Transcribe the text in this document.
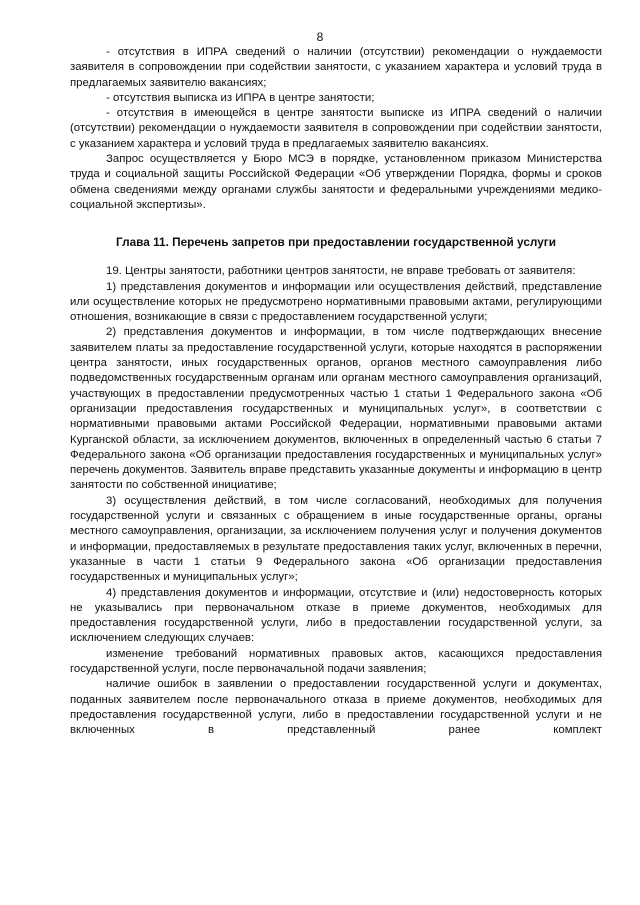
8

- отсутствия в ИПРА сведений о наличии (отсутствии) рекомендации о нуждаемости заявителя в сопровождении при содействии занятости, с указанием характера и условий труда в предлагаемых заявителю вакансиях;

- отсутствия выписка из ИПРА в центре занятости;

- отсутствия в имеющейся в центре занятости выписке из ИПРА сведений о наличии (отсутствии) рекомендации о нуждаемости заявителя в сопровождении при содействии занятости, с указанием характера и условий труда в предлагаемых заявителю вакансиях.

Запрос осуществляется у Бюро МСЭ в порядке, установленном приказом Министерства труда и социальной защиты Российской Федерации «Об утверждении Порядка, формы и сроков обмена сведениями между органами службы занятости и федеральными учреждениями медико-социальной экспертизы».

Глава 11. Перечень запретов при предоставлении государственной услуги

19. Центры занятости, работники центров занятости, не вправе требовать от заявителя:

1) представления документов и информации или осуществления действий, представление или осуществление которых не предусмотрено нормативными правовыми актами, регулирующими отношения, возникающие в связи с предоставлением государственной услуги;

2) представления документов и информации, в том числе подтверждающих внесение заявителем платы за предоставление государственной услуги, которые находятся в распоряжении центра занятости, иных государственных органов, органов местного самоуправления либо подведомственных государственным органам или органам местного самоуправления организаций, участвующих в предоставлении предусмотренных частью 1 статьи 1 Федерального закона «Об организации предоставления государственных и муниципальных услуг», в соответствии с нормативными правовыми актами Российской Федерации, нормативными правовыми актами Курганской области, за исключением документов, включенных в определенный частью 6 статьи 7 Федерального закона «Об организации предоставления государственных и муниципальных услуг» перечень документов. Заявитель вправе представить указанные документы и информацию в центр занятости по собственной инициативе;

3) осуществления действий, в том числе согласований, необходимых для получения государственной услуги и связанных с обращением в иные государственные органы, органы местного самоуправления, организации, за исключением получения услуг и получения документов и информации, предоставляемых в результате предоставления таких услуг, включенных в перечни, указанные в части 1 статьи 9 Федерального закона «Об организации предоставления государственных и муниципальных услуг»;

4) представления документов и информации, отсутствие и (или) недостоверность которых не указывались при первоначальном отказе в приеме документов, необходимых для предоставления государственной услуги, либо в предоставлении государственной услуги, за исключением следующих случаев:

изменение требований нормативных правовых актов, касающихся предоставления государственной услуги, после первоначальной подачи заявления;

наличие ошибок в заявлении о предоставлении государственной услуги и документах, поданных заявителем после первоначального отказа в приеме документов, необходимых для предоставления государственной услуги, либо в предоставлении государственной услуги и не включенных в представленный ранее комплект
